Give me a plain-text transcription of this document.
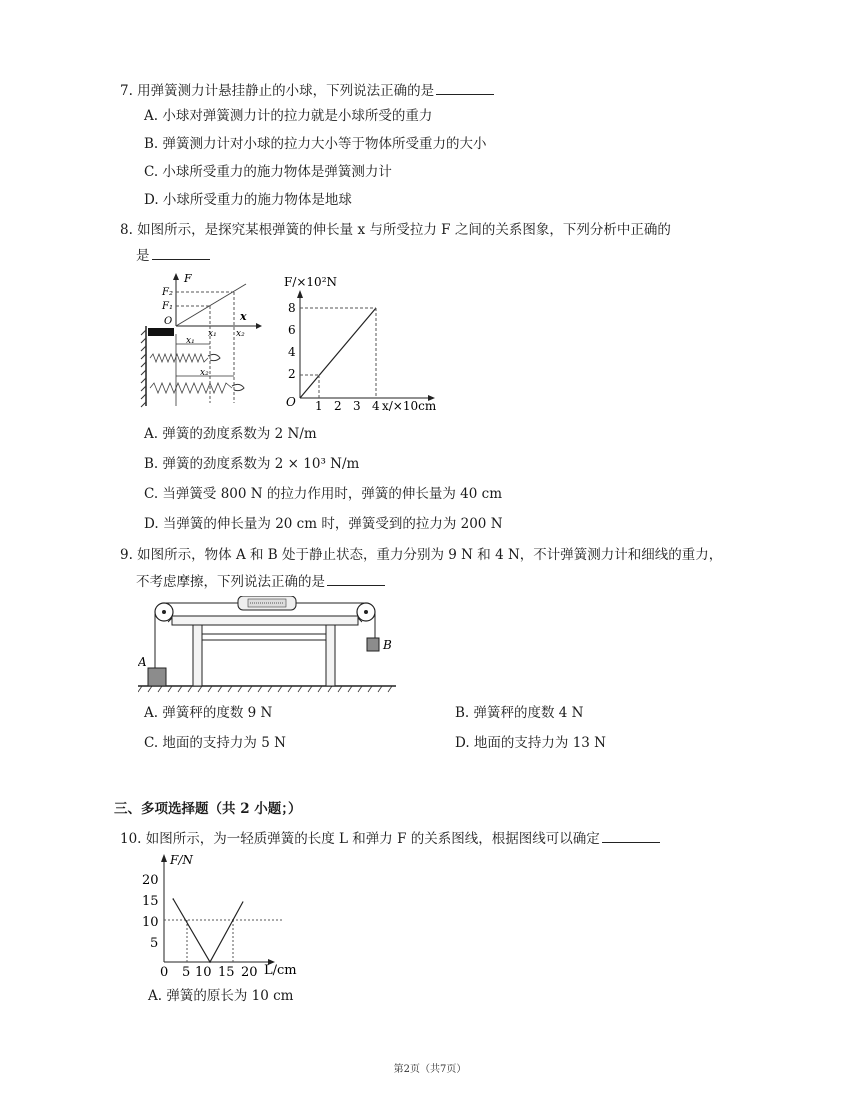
7. 用弹簧测力计悬挂静止的小球，下列说法正确的是
A. 小球对弹簧测力计的拉力就是小球所受的重力
B. 弹簧测力计对小球的拉力大小等于物体所受重力的大小
C. 小球所受重力的施力物体是弹簧测力计
D. 小球所受重力的施力物体是地球
8. 如图所示，是探究某根弹簧的伸长量 x 与所受拉力 F 之间的关系图象，下列分析中正确的
是
F
F₂
F₁
O	x
x₁ x₂
x₁
x₂
F/×10²N
8
6
4
2
O 1 2 3 4 x/×10cm
A. 弹簧的劲度系数为 2 N/m
B. 弹簧的劲度系数为 2 × 10³ N/m
C. 当弹簧受 800 N 的拉力作用时，弹簧的伸长量为 40 cm
D. 当弹簧的伸长量为 20 cm 时，弹簧受到的拉力为 200 N
9. 如图所示，物体 A 和 B 处于静止状态，重力分别为 9 N 和 4 N，不计弹簧测力计和细线的重力，
不考虑摩擦，下列说法正确的是
A
B
A. 弹簧秤的度数 9 N	B. 弹簧秤的度数 4 N
C. 地面的支持力为 5 N	D. 地面的支持力为 13 N
三、多项选择题（共 2 小题；）
10. 如图所示，为一轻质弹簧的长度 L 和弹力 F 的关系图线，根据图线可以确定
F/N
20
15
10
5
0 5 10 15 20 L/cm
A. 弹簧的原长为 10 cm
第2页（共7页）
